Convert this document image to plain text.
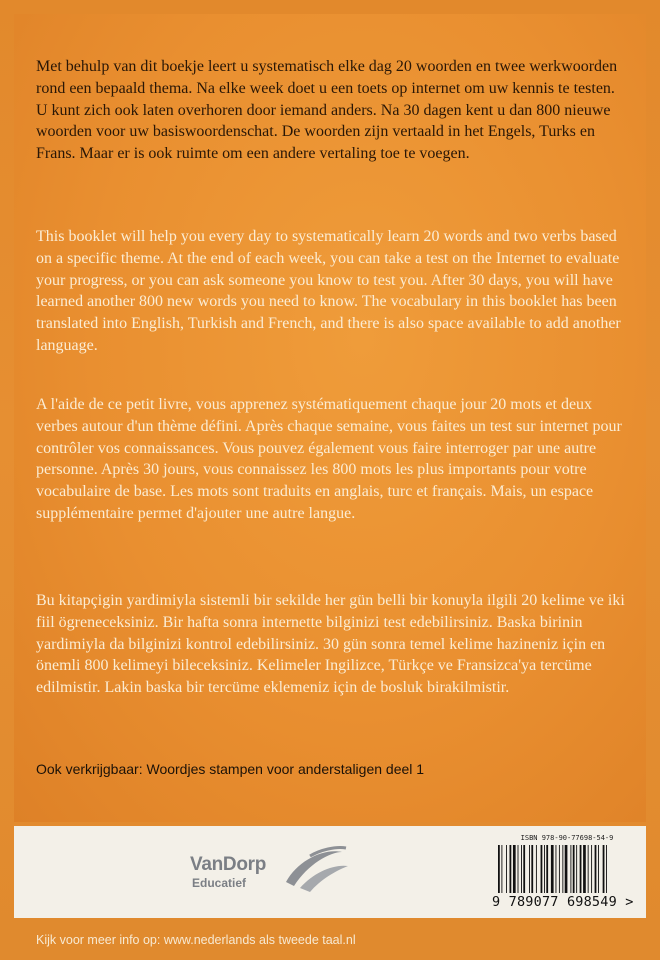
Met behulp van dit boekje leert u systematisch elke dag 20 woorden en twee werkwoorden rond een bepaald thema. Na elke week doet u een toets op internet om uw kennis te testen. U kunt zich ook laten overhoren door iemand anders. Na 30 dagen kent u dan 800 nieuwe woorden voor uw basiswoordenschat. De woorden zijn vertaald in het Engels, Turks en Frans. Maar er is ook ruimte om een andere vertaling toe te voegen.

This booklet will help you every day to systematically learn 20 words and two verbs based on a specific theme. At the end of each week, you can take a test on the Internet to evaluate your progress, or you can ask someone you know to test you. After 30 days, you will have learned another 800 new words you need to know. The vocabulary in this booklet has been translated into English, Turkish and French, and there is also space available to add another language.

A l'aide de ce petit livre, vous apprenez systématiquement chaque jour 20 mots et deux verbes autour d'un thème défini. Après chaque semaine, vous faites un test sur internet pour contrôler vos connaissances. Vous pouvez également vous faire interroger par une autre personne. Après 30 jours, vous connaissez les 800 mots les plus importants pour votre vocabulaire de base. Les mots sont traduits en anglais, turc et français. Mais, un espace supplémentaire permet d'ajouter une autre langue.

Bu kitapçigin yardimiyla sistemli bir sekilde her gün belli bir konuyla ilgili 20 kelime ve iki fiil ögreneceksiniz. Bir hafta sonra internette bilginizi test edebilirsiniz. Baska birinin yardimiyla da bilginizi kontrol edebilirsiniz. 30 gün sonra temel kelime hazineniz için en önemli 800 kelimeyi bileceksiniz. Kelimeler Ingilizce, Türkçe ve Fransizca'ya tercüme edilmistir. Lakin baska bir tercüme eklemeniz için de bosluk birakilmistir.

Ook verkrijgbaar: Woordjes stampen voor anderstaligen deel 1

VanDorp
Educatief
ISBN 978-90-77698-54-9
9 789077 698549 >

Kijk voor meer info op: www.nederlands als tweede taal.nl
